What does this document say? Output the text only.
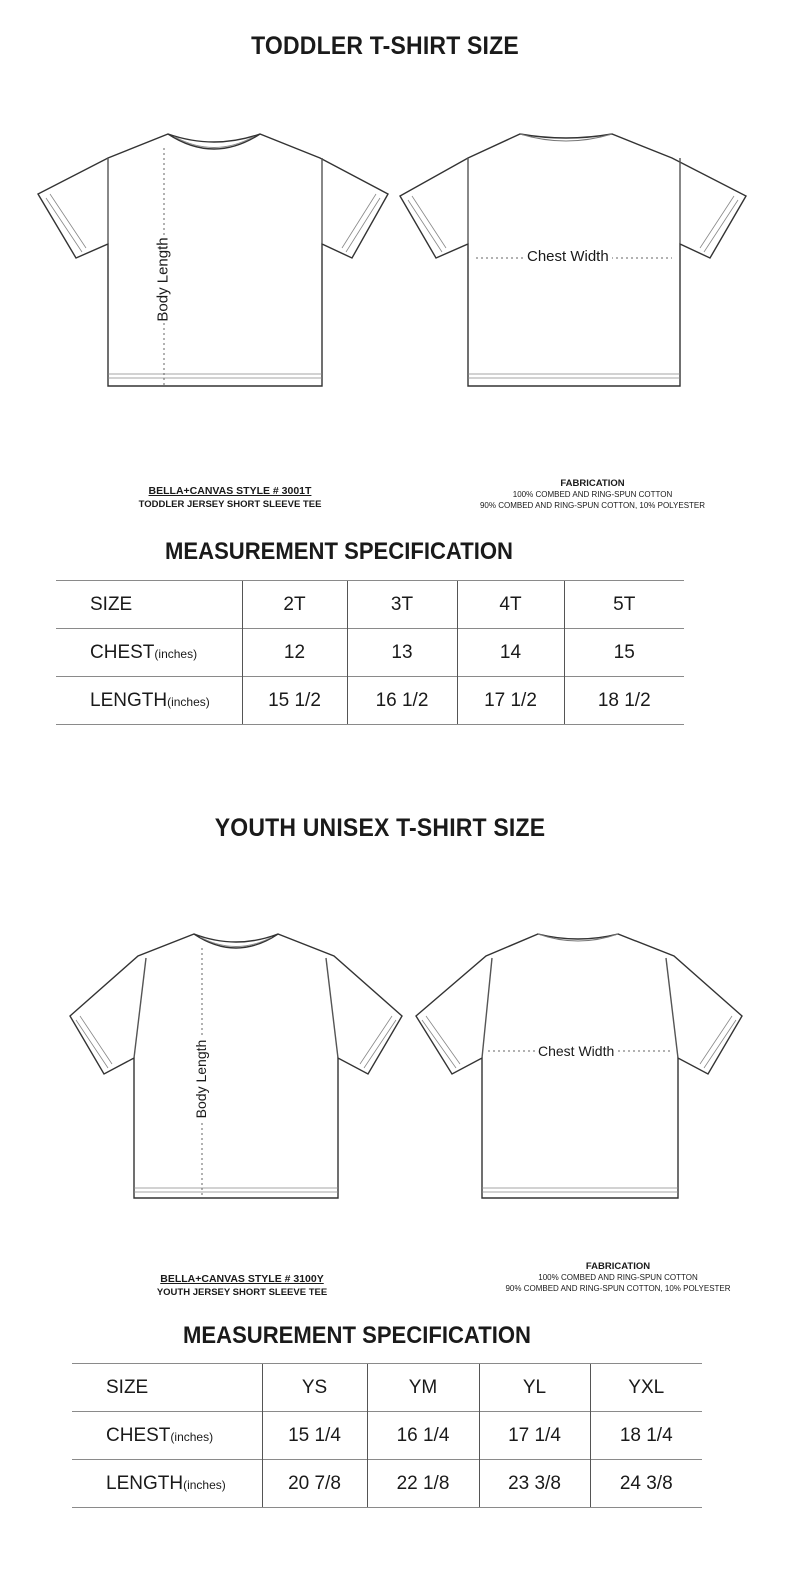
TODDLER T-SHIRT SIZE
Body Length	Chest Width
BELLA+CANVAS STYLE # 3001T
TODDLER JERSEY SHORT SLEEVE TEE
FABRICATION
100% COMBED AND RING-SPUN COTTON
90% COMBED AND RING-SPUN COTTON, 10% POLYESTER
MEASUREMENT SPECIFICATION
SIZE	2T	3T	4T	5T
CHEST(inches)	12	13	14	15
LENGTH(inches)	15 1/2	16 1/2	17 1/2	18 1/2
YOUTH UNISEX T-SHIRT SIZE
Body Length	Chest Width
BELLA+CANVAS STYLE # 3100Y
YOUTH JERSEY SHORT SLEEVE TEE
FABRICATION
100% COMBED AND RING-SPUN COTTON
90% COMBED AND RING-SPUN COTTON, 10% POLYESTER
MEASUREMENT SPECIFICATION
SIZE	YS	YM	YL	YXL
CHEST(inches)	15 1/4	16 1/4	17 1/4	18 1/4
LENGTH(inches)	20 7/8	22 1/8	23 3/8	24 3/8
